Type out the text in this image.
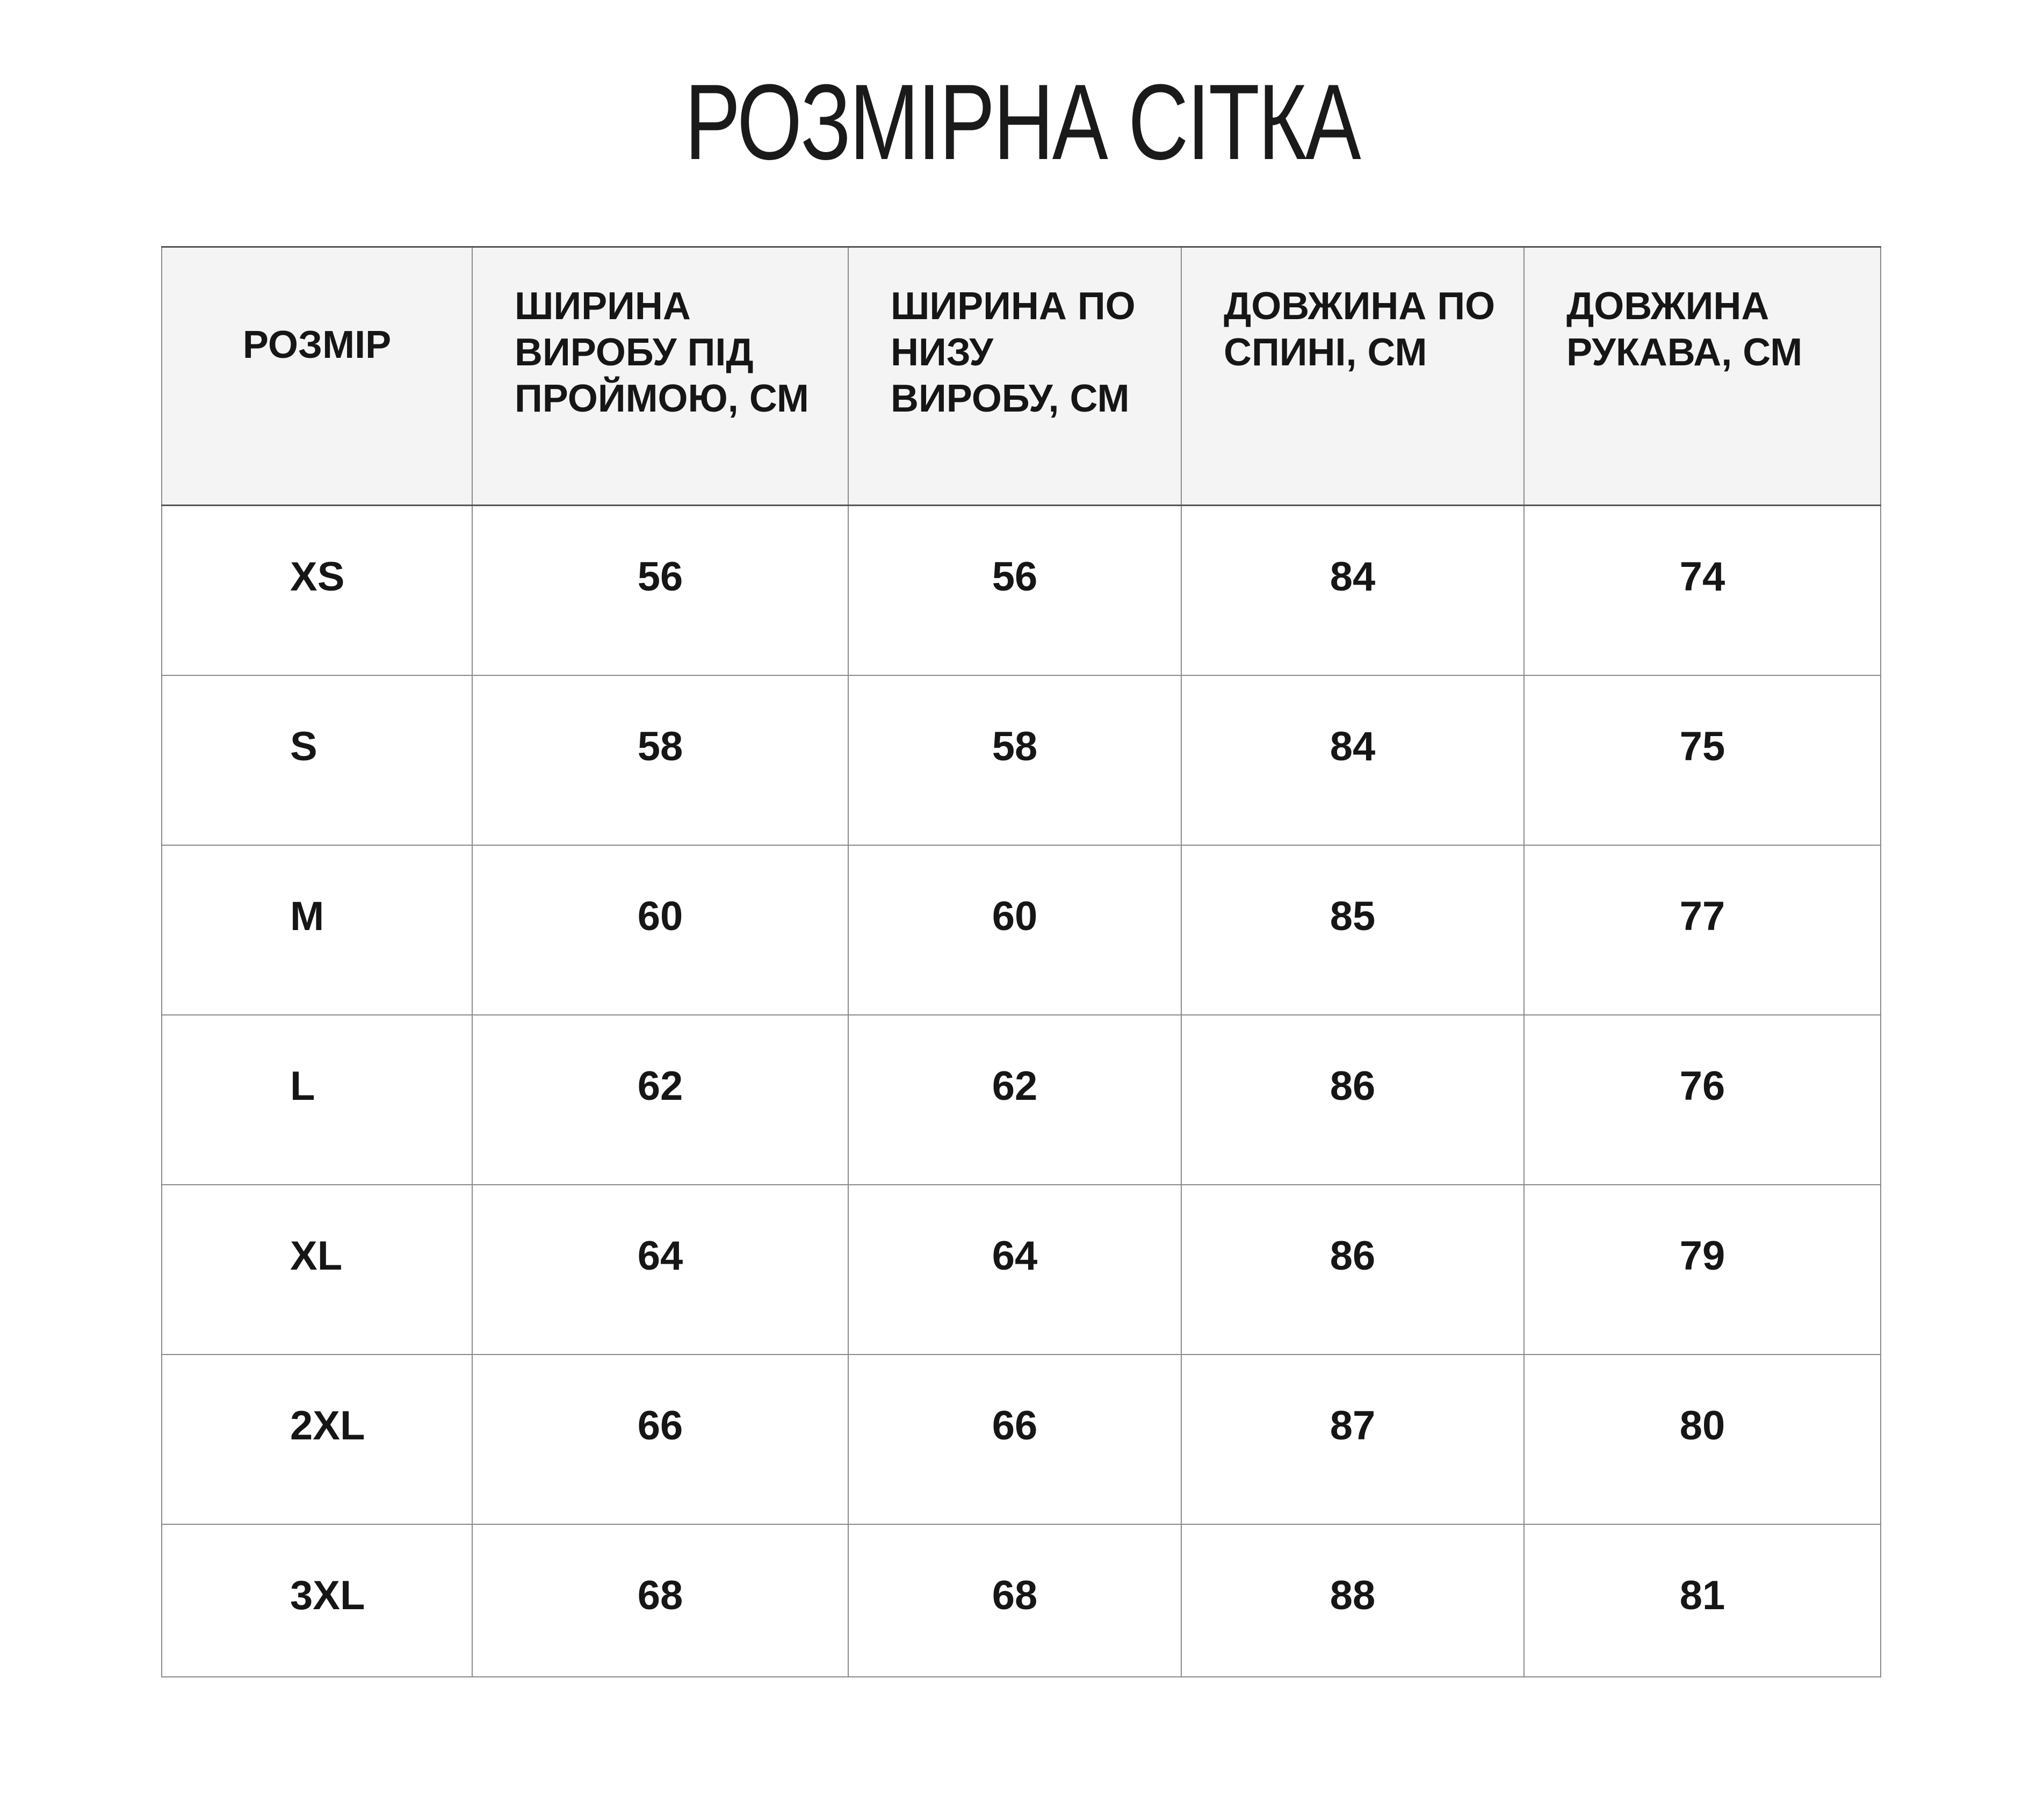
РОЗМІРНА СІТКА
РОЗМІР	ШИРИНА ВИРОБУ ПІД ПРОЙМОЮ, СМ	ШИРИНА ПО НИЗУ ВИРОБУ, СМ	ДОВЖИНА ПО СПИНІ, СМ	ДОВЖИНА РУКАВА, СМ

XS	56	56	84	74

S	58	58	84	75

M	60	60	85	77

L	62	62	86	76

XL	64	64	86	79

2XL	66	66	87	80

3XL	68	68	88	81
